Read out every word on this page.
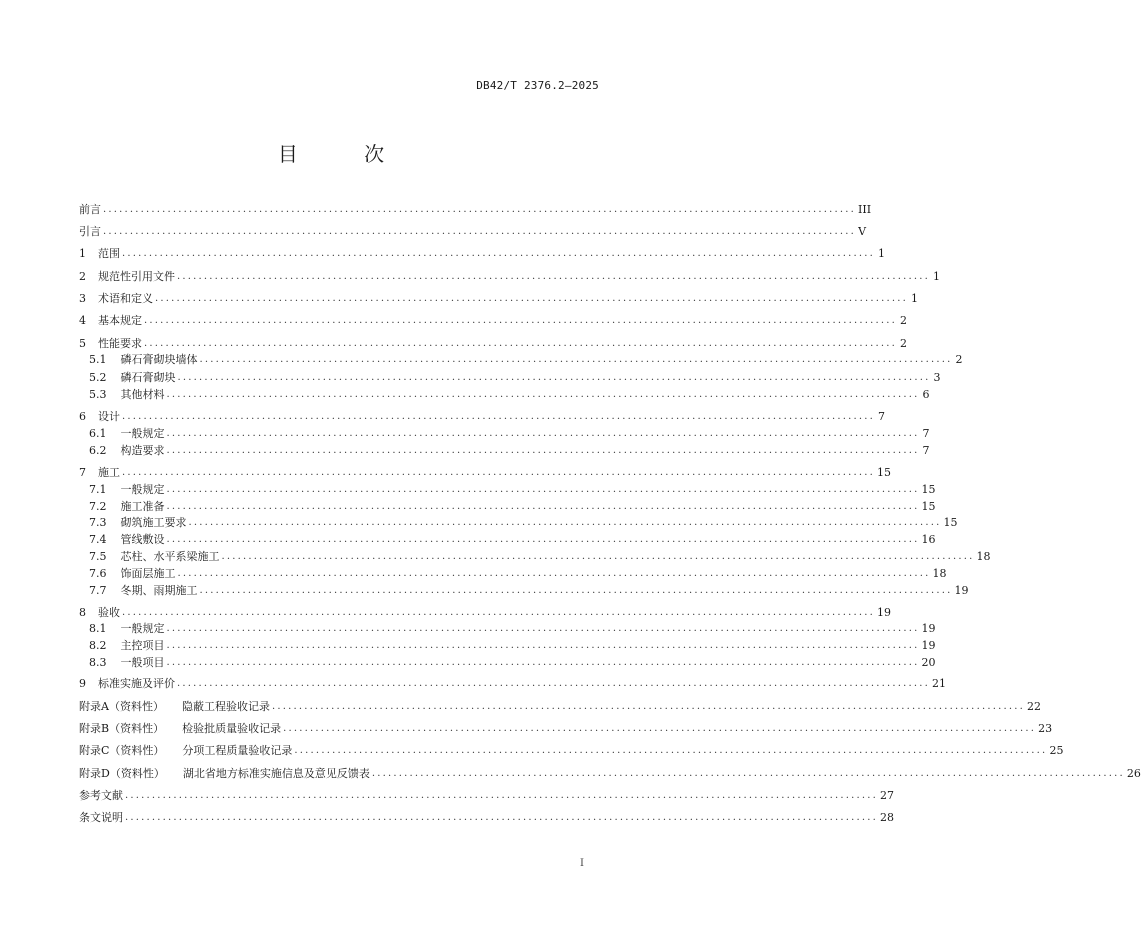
DB42/T 2376.2—2025
目 次
前言 ............................................................................................................................................ III
引言 ............................................................................................................................................ V
1 范围 ............................................................................................................................................ 1
2 规范性引用文件 ............................................................................................................................................ 1
3 术语和定义 ............................................................................................................................................ 1
4 基本规定 ............................................................................................................................................ 2
5 性能要求 ............................................................................................................................................ 2
5.1 磷石膏砌块墙体 ............................................................................................................................................ 2
5.2 磷石膏砌块 ............................................................................................................................................ 3
5.3 其他材料 ............................................................................................................................................ 6
6 设计 ............................................................................................................................................ 7
6.1 一般规定 ............................................................................................................................................ 7
6.2 构造要求 ............................................................................................................................................ 7
7 施工 ............................................................................................................................................ 15
7.1 一般规定 ............................................................................................................................................ 15
7.2 施工准备 ............................................................................................................................................ 15
7.3 砌筑施工要求 ............................................................................................................................................ 15
7.4 管线敷设 ............................................................................................................................................ 16
7.5 芯柱、水平系梁施工 ............................................................................................................................................ 18
7.6 饰面层施工 ............................................................................................................................................ 18
7.7 冬期、雨期施工 ............................................................................................................................................ 19
8 验收 ............................................................................................................................................ 19
8.1 一般规定 ............................................................................................................................................ 19
8.2 主控项目 ............................................................................................................................................ 19
8.3 一般项目 ............................................................................................................................................ 20
9 标准实施及评价 ............................................................................................................................................ 21
附录A（资料性） 隐蔽工程验收记录 ............................................................................................................................................ 22
附录B（资料性） 检验批质量验收记录 ............................................................................................................................................ 23
附录C（资料性） 分项工程质量验收记录 ............................................................................................................................................ 25
附录D（资料性） 湖北省地方标准实施信息及意见反馈表 ............................................................................................................................................ 26
参考文献 ............................................................................................................................................ 27
条文说明 ............................................................................................................................................ 28
I
